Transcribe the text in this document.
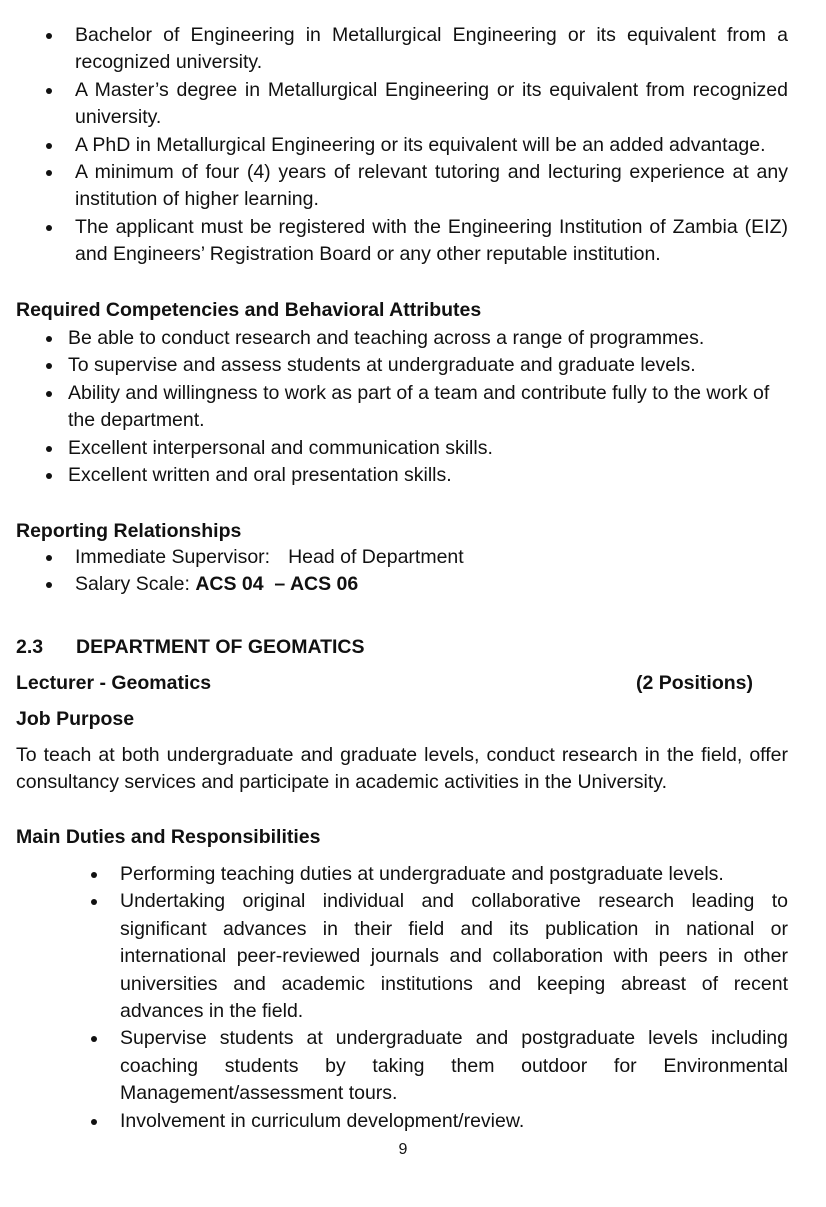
Bachelor of Engineering in Metallurgical Engineering or its equivalent from a recognized university.
A Master’s degree in Metallurgical Engineering or its equivalent from recognized university.
A PhD in Metallurgical Engineering or its equivalent will be an added advantage.
A minimum of four (4) years of relevant tutoring and lecturing experience at any institution of higher learning.
The applicant must be registered with the Engineering Institution of Zambia (EIZ) and Engineers’ Registration Board or any other reputable institution.
Required Competencies and Behavioral Attributes
Be able to conduct research and teaching across a range of programmes.
To supervise and assess students at undergraduate and graduate levels.
Ability and willingness to work as part of a team and contribute fully to the work of the department.
Excellent interpersonal and communication skills.
Excellent written and oral presentation skills.
Reporting Relationships
Immediate Supervisor: Head of Department
Salary Scale: ACS 04  – ACS 06
2.3 DEPARTMENT OF GEOMATICS
Lecturer - Geomatics	(2 Positions)
Job Purpose
To teach at both undergraduate and graduate levels, conduct research in the field, offer consultancy services and participate in academic activities in the University.
Main Duties and Responsibilities
Performing teaching duties at undergraduate and postgraduate levels.
Undertaking original individual and collaborative research leading to significant advances in their field and its publication in national or international peer-reviewed journals and collaboration with peers in other universities and academic institutions and keeping abreast of recent advances in the field.
Supervise students at undergraduate and postgraduate levels including coaching students by taking them outdoor for Environmental Management/assessment tours.
Involvement in curriculum development/review.
9
